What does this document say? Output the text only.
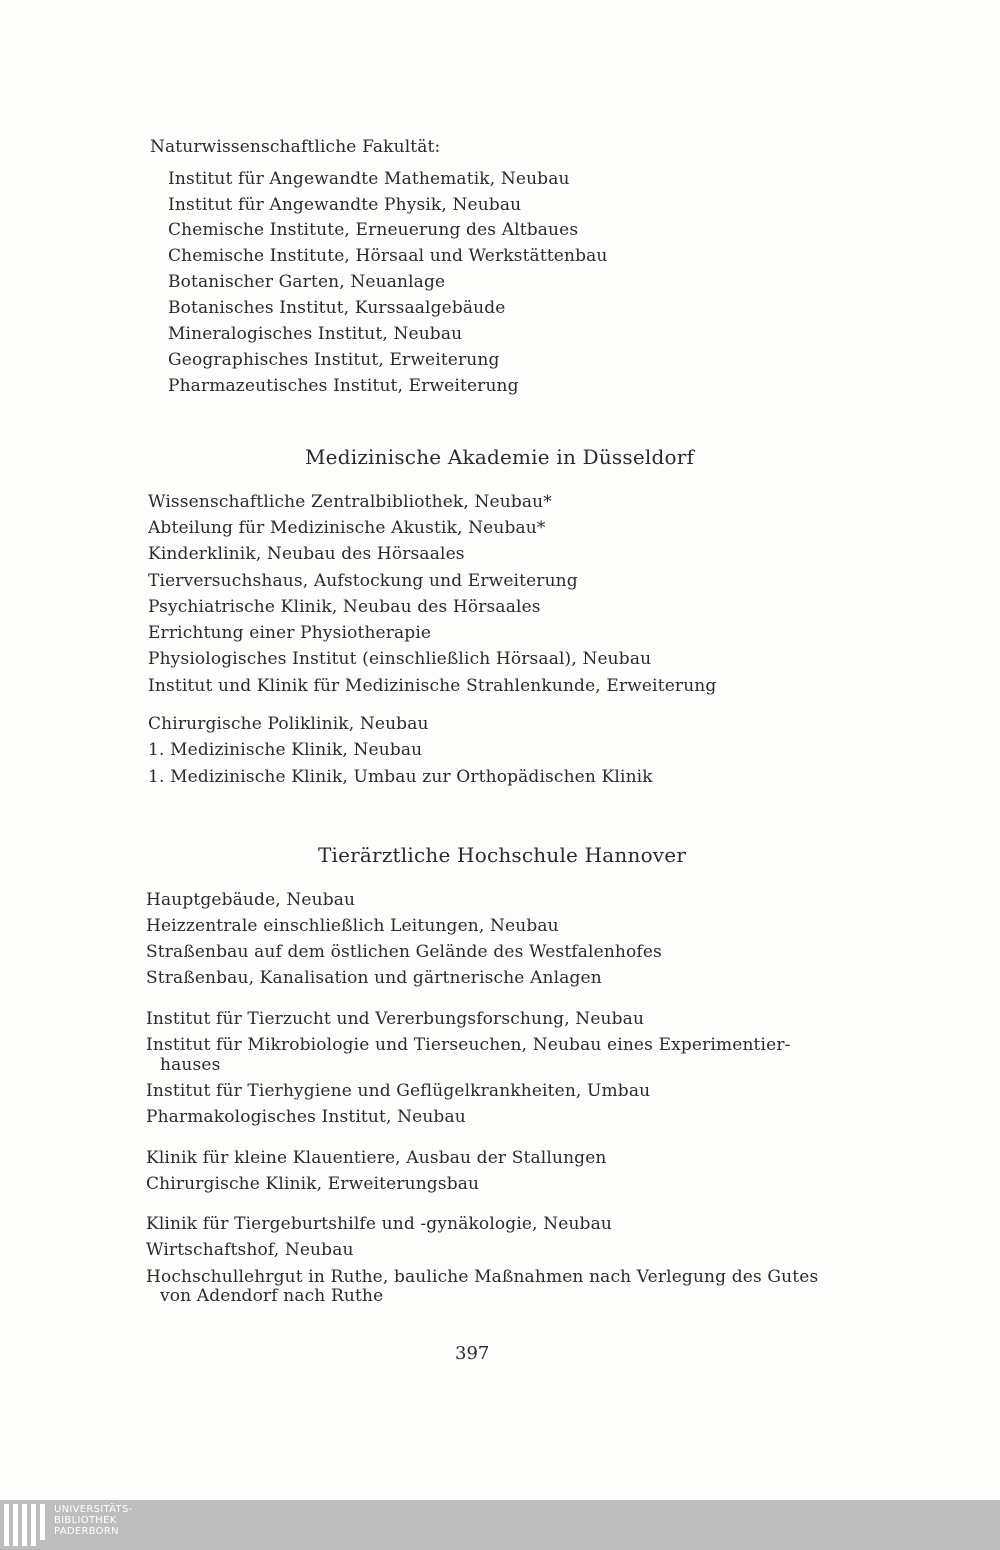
Naturwissenschaftliche Fakultät:
Institut für Angewandte Mathematik, Neubau
Institut für Angewandte Physik, Neubau
Chemische Institute, Erneuerung des Altbaues
Chemische Institute, Hörsaal und Werkstättenbau
Botanischer Garten, Neuanlage
Botanisches Institut, Kurssaalgebäude
Mineralogisches Institut, Neubau
Geographisches Institut, Erweiterung
Pharmazeutisches Institut, Erweiterung
Medizinische Akademie in Düsseldorf
Wissenschaftliche Zentralbibliothek, Neubau*
Abteilung für Medizinische Akustik, Neubau*
Kinderklinik, Neubau des Hörsaales
Tierversuchshaus, Aufstockung und Erweiterung
Psychiatrische Klinik, Neubau des Hörsaales
Errichtung einer Physiotherapie
Physiologisches Institut (einschließlich Hörsaal), Neubau
Institut und Klinik für Medizinische Strahlenkunde, Erweiterung
Chirurgische Poliklinik, Neubau
1. Medizinische Klinik, Neubau
1. Medizinische Klinik, Umbau zur Orthopädischen Klinik
Tierärztliche Hochschule Hannover
Hauptgebäude, Neubau
Heizzentrale einschließlich Leitungen, Neubau
Straßenbau auf dem östlichen Gelände des Westfalenhofes
Straßenbau, Kanalisation und gärtnerische Anlagen
Institut für Tierzucht und Vererbungsforschung, Neubau
Institut für Mikrobiologie und Tierseuchen, Neubau eines Experimentier-
hauses
Institut für Tierhygiene und Geflügelkrankheiten, Umbau
Pharmakologisches Institut, Neubau
Klinik für kleine Klauentiere, Ausbau der Stallungen
Chirurgische Klinik, Erweiterungsbau
Klinik für Tiergeburtshilfe und -gynäkologie, Neubau
Wirtschaftshof, Neubau
Hochschullehrgut in Ruthe, bauliche Maßnahmen nach Verlegung des Gutes
von Adendorf nach Ruthe
397
UNIVERSITÄTS-
BIBLIOTHEK
PADERBORN
